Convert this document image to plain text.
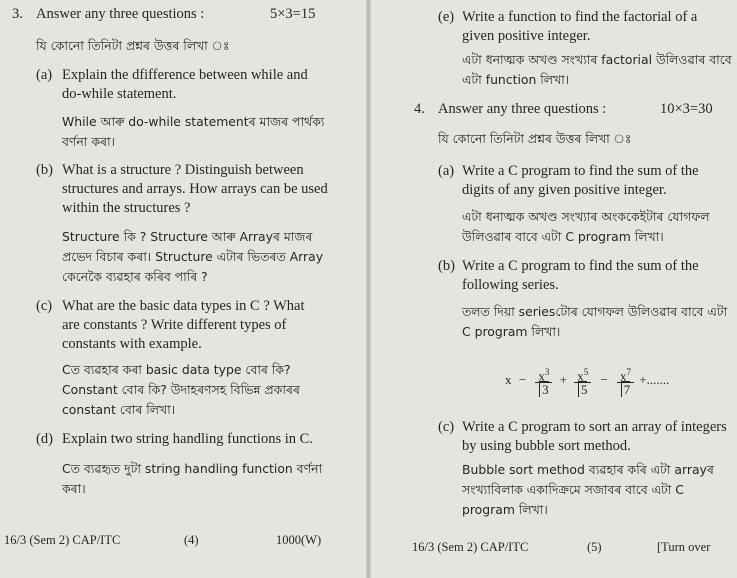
3. Answer any three questions :	5×3=15
যি কোনো তিনিটা প্ৰশ্নৰ উত্তৰ লিখা ঃ
(a) Explain the dfifference between while and
do-while statement.
While আৰু do-while statementৰ মাজৰ পাৰ্থক্য
বৰ্ণনা কৰা।
(b) What is a structure ? Distinguish between
structures and arrays. How arrays can be used
within the structures ?
Structure কি ? Structure আৰু Arrayৰ মাজৰ
প্ৰভেদ বিচাৰ কৰা। Structure এটাৰ ভিতৰত Array
কেনেকৈ ব্যৱহাৰ কৰিব পাৰি ?
(c) What are the basic data types in C ? What
are constants ? Write different types of
constants with example.
Cত ব্যৱহাৰ কৰা basic data type বোৰ কি?
Constant বোৰ কি? উদাহৰণসহ বিভিন্ন প্ৰকাৰৰ
constant বোৰ লিখা।
(d) Explain two string handling functions in C.
Cত ব্যৱহৃত দুটা string handling function বৰ্ণনা
কৰা।
16/3 (Sem 2) CAP/ITC	(4)	1000(W)
(e) Write a function to find the factorial of a
given positive integer.
এটা ধনাত্মক অখণ্ড সংখ্যাৰ factorial উলিওৱাৰ বাবে
এটা function লিখা।
4. Answer any three questions :	10×3=30
যি কোনো তিনিটা প্ৰশ্নৰ উত্তৰ লিখা ঃ
(a) Write a C program to find the sum of the
digits of any given positive integer.
এটা ধনাত্মক অখণ্ড সংখ্যাৰ অংককেইটাৰ যোগফল
উলিওৱাৰ বাবে এটা C program লিখা।
(b) Write a C program to find the sum of the
following series.
তলত দিয়া seriesটোৰ যোগফল উলিওৱাৰ বাবে এটা
C program লিখা।
$x - \frac{x^3}{3} + \frac{x^5}{5} - \frac{x^7}{7}$ +.......
(c) Write a C program to sort an array of integers
by using bubble sort method.
Bubble sort method ব্যৱহাৰ কৰি এটা arrayৰ
সংখ্যাবিলাক একাদিক্ৰমে সজাবৰ বাবে এটা C
program লিখা।
16/3 (Sem 2) CAP/ITC	(5)	[Turn over
